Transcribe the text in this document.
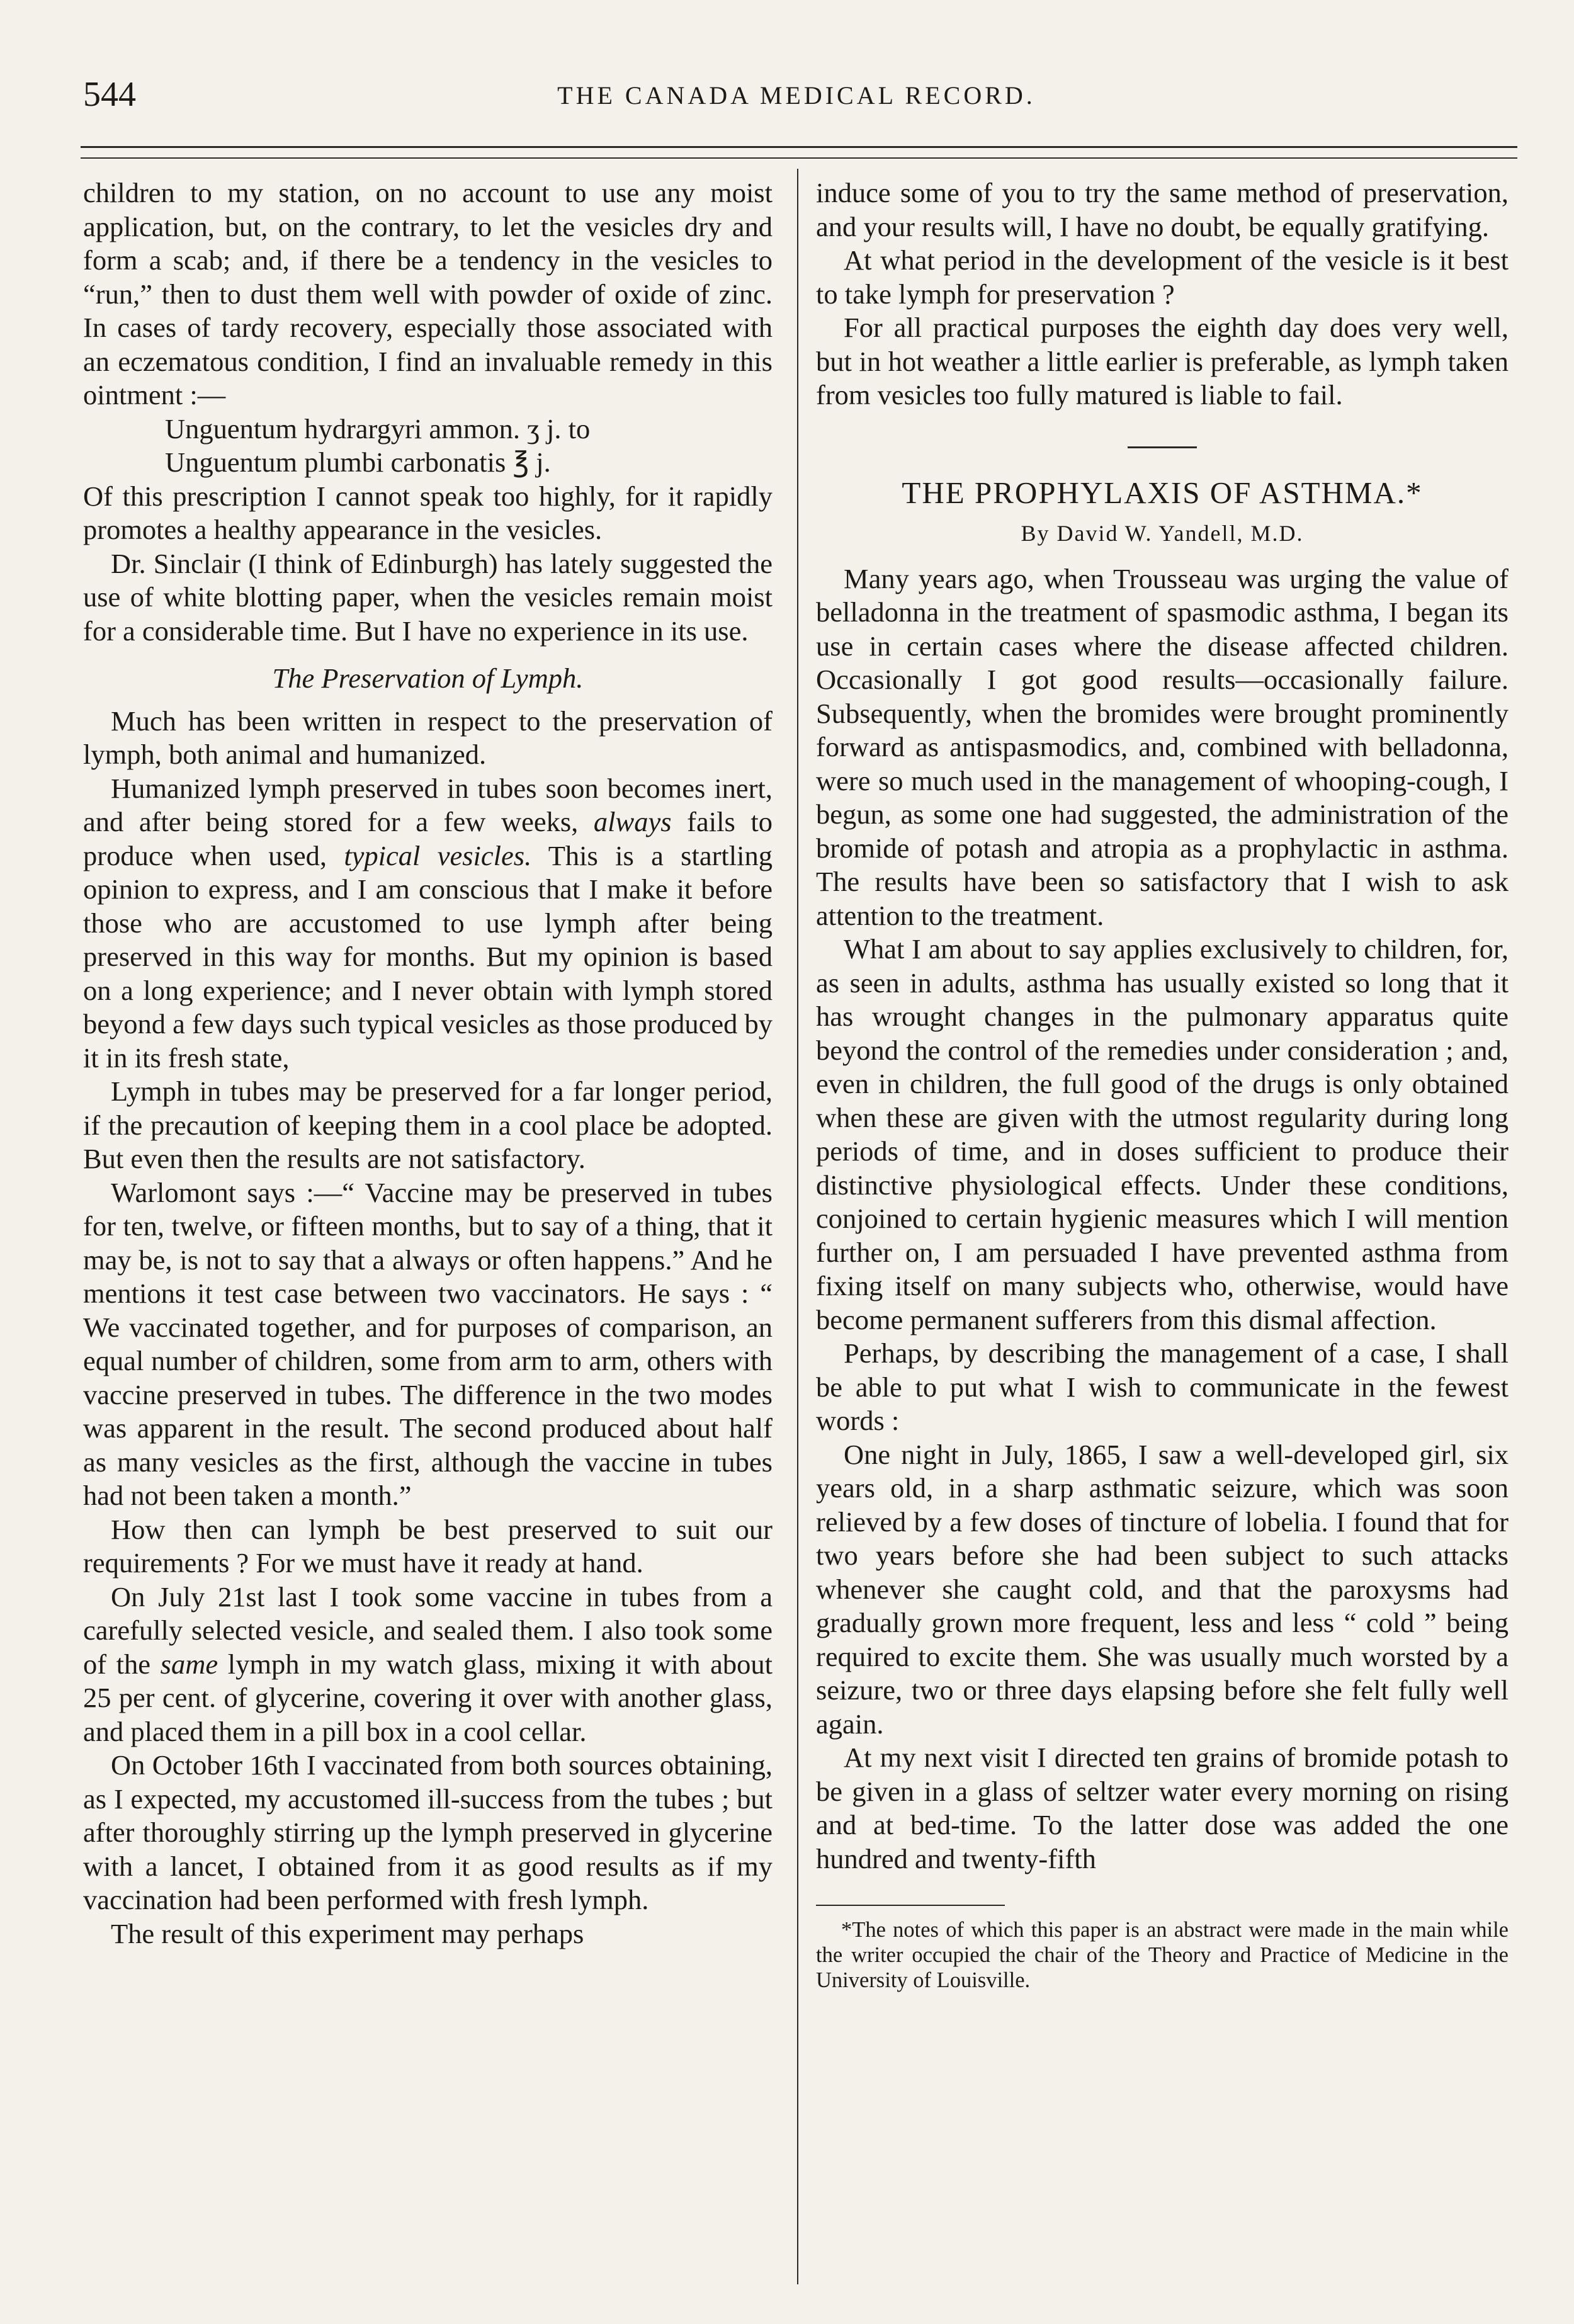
544	THE CANADA MEDICAL RECORD.

children to my station, on no account to use any moist application, but, on the contrary, to let the vesicles dry and form a scab; and, if there be a tendency in the vesicles to “run,” then to dust them well with powder of oxide of zinc. In cases of tardy recovery, especially those associated with an eczematous condition, I find an invaluable remedy in this ointment :—

Unguentum hydrargyri ammon. ʒ j. to
Unguentum plumbi carbonatis ℥ j.

Of this prescription I cannot speak too highly, for it rapidly promotes a healthy appearance in the vesicles.

Dr. Sinclair (I think of Edinburgh) has lately suggested the use of white blotting paper, when the vesicles remain moist for a considerable time. But I have no experience in its use.

The Preservation of Lymph.

Much has been written in respect to the preservation of lymph, both animal and humanized.

Humanized lymph preserved in tubes soon becomes inert, and after being stored for a few weeks, always fails to produce when used, typical vesicles. This is a startling opinion to express, and I am conscious that I make it before those who are accustomed to use lymph after being preserved in this way for months. But my opinion is based on a long experience; and I never obtain with lymph stored beyond a few days such typical vesicles as those produced by it in its fresh state,

Lymph in tubes may be preserved for a far longer period, if the precaution of keeping them in a cool place be adopted. But even then the results are not satisfactory.

Warlomont says :—“ Vaccine may be preserved in tubes for ten, twelve, or fifteen months, but to say of a thing, that it may be, is not to say that a always or often happens.” And he mentions it test case between two vaccinators. He says : “ We vaccinated together, and for purposes of comparison, an equal number of children, some from arm to arm, others with vaccine preserved in tubes. The difference in the two modes was apparent in the result. The second produced about half as many vesicles as the first, although the vaccine in tubes had not been taken a month.”

How then can lymph be best preserved to suit our requirements ? For we must have it ready at hand.

On July 21st last I took some vaccine in tubes from a carefully selected vesicle, and sealed them. I also took some of the same lymph in my watch glass, mixing it with about 25 per cent. of glycerine, covering it over with another glass, and placed them in a pill box in a cool cellar.

On October 16th I vaccinated from both sources obtaining, as I expected, my accustomed ill-success from the tubes ; but after thoroughly stirring up the lymph preserved in glycerine with a lancet, I obtained from it as good results as if my vaccination had been performed with fresh lymph.

The result of this experiment may perhaps

induce some of you to try the same method of preservation, and your results will, I have no doubt, be equally gratifying.

At what period in the development of the vesicle is it best to take lymph for preservation ?

For all practical purposes the eighth day does very well, but in hot weather a little earlier is preferable, as lymph taken from vesicles too fully matured is liable to fail.

THE PROPHYLAXIS OF ASTHMA.*
By David W. Yandell, M.D.

Many years ago, when Trousseau was urging the value of belladonna in the treatment of spasmodic asthma, I began its use in certain cases where the disease affected children. Occasionally I got good results—occasionally failure. Subsequently, when the bromides were brought prominently forward as antispasmodics, and, combined with belladonna, were so much used in the management of whooping-cough, I begun, as some one had suggested, the administration of the bromide of potash and atropia as a prophylactic in asthma. The results have been so satisfactory that I wish to ask attention to the treatment.

What I am about to say applies exclusively to children, for, as seen in adults, asthma has usually existed so long that it has wrought changes in the pulmonary apparatus quite beyond the control of the remedies under consideration ; and, even in children, the full good of the drugs is only obtained when these are given with the utmost regularity during long periods of time, and in doses sufficient to produce their distinctive physiological effects. Under these conditions, conjoined to certain hygienic measures which I will mention further on, I am persuaded I have prevented asthma from fixing itself on many subjects who, otherwise, would have become permanent sufferers from this dismal affection.

Perhaps, by describing the management of a case, I shall be able to put what I wish to communicate in the fewest words :

One night in July, 1865, I saw a well-developed girl, six years old, in a sharp asthmatic seizure, which was soon relieved by a few doses of tincture of lobelia. I found that for two years before she had been subject to such attacks whenever she caught cold, and that the paroxysms had gradually grown more frequent, less and less “ cold ” being required to excite them. She was usually much worsted by a seizure, two or three days elapsing before she felt fully well again.

At my next visit I directed ten grains of bromide potash to be given in a glass of seltzer water every morning on rising and at bed-time. To the latter dose was added the one hundred and twenty-fifth

*The notes of which this paper is an abstract were made in the main while the writer occupied the chair of the Theory and Practice of Medicine in the University of Louisville.
